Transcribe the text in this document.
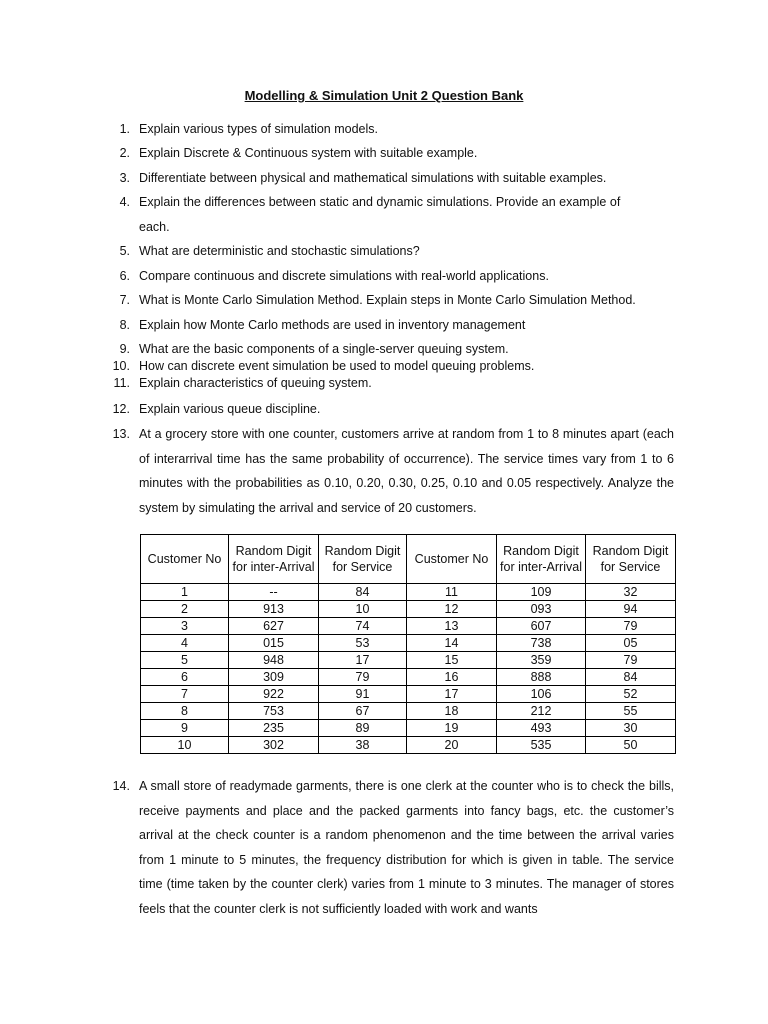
Modelling & Simulation Unit 2 Question Bank
1. Explain various types of simulation models.
2. Explain Discrete & Continuous system with suitable example.
3. Differentiate between physical and mathematical simulations with suitable examples.
4. Explain the differences between static and dynamic simulations. Provide an example of each.
5. What are deterministic and stochastic simulations?
6. Compare continuous and discrete simulations with real-world applications.
7. What is Monte Carlo Simulation Method. Explain steps in Monte Carlo Simulation Method.
8. Explain how Monte Carlo methods are used in inventory management
9. What are the basic components of a single-server queuing system.
10. How can discrete event simulation be used to model queuing problems.
11. Explain characteristics of queuing system.
12. Explain various queue discipline.
13. At a grocery store with one counter, customers arrive at random from 1 to 8 minutes apart (each of interarrival time has the same probability of occurrence). The service times vary from 1 to 6 minutes with the probabilities as 0.10, 0.20, 0.30, 0.25, 0.10 and 0.05 respectively. Analyze the system by simulating the arrival and service of 20 customers.
Customer No	Random Digit for inter-Arrival	Random Digit for Service	Customer No	Random Digit for inter-Arrival	Random Digit for Service
1	--	84	11	109	32
2	913	10	12	093	94
3	627	74	13	607	79
4	015	53	14	738	05
5	948	17	15	359	79
6	309	79	16	888	84
7	922	91	17	106	52
8	753	67	18	212	55
9	235	89	19	493	30
10	302	38	20	535	50
14. A small store of readymade garments, there is one clerk at the counter who is to check the bills, receive payments and place and the packed garments into fancy bags, etc. the customer’s arrival at the check counter is a random phenomenon and the time between the arrival varies from 1 minute to 5 minutes, the frequency distribution for which is given in table. The service time (time taken by the counter clerk) varies from 1 minute to 3 minutes. The manager of stores feels that the counter clerk is not sufficiently loaded with work and wants
